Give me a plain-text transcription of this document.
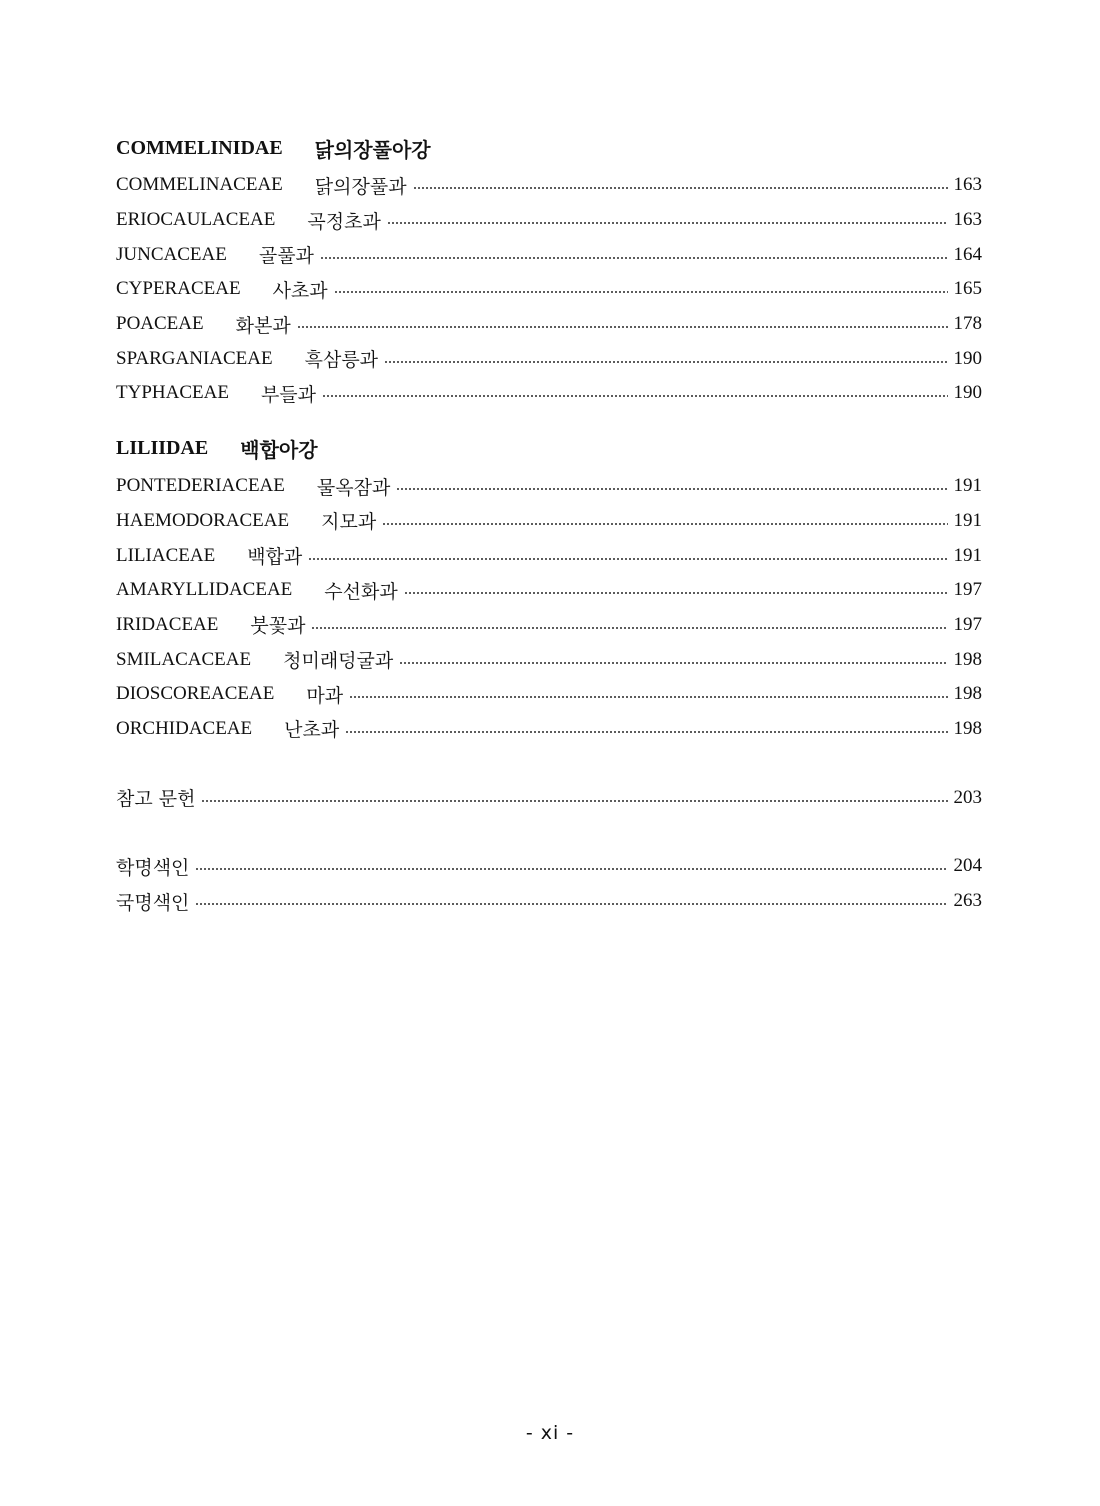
COMMELINIDAE 닭의장풀아강
COMMELINACEAE 닭의장풀과	163
ERIOCAULACEAE 곡정초과	163
JUNCACEAE 골풀과	164
CYPERACEAE 사초과	165
POACEAE 화본과	178
SPARGANIACEAE 흑삼릉과	190
TYPHACEAE 부들과	190
LILIIDAE 백합아강
PONTEDERIACEAE 물옥잠과	191
HAEMODORACEAE 지모과	191
LILIACEAE 백합과	191
AMARYLLIDACEAE 수선화과	197
IRIDACEAE 붓꽃과	197
SMILACACEAE 청미래덩굴과	198
DIOSCOREACEAE 마과	198
ORCHIDACEAE 난초과	198
참고 문헌	203
학명색인	204
국명색인	263
- xi -
